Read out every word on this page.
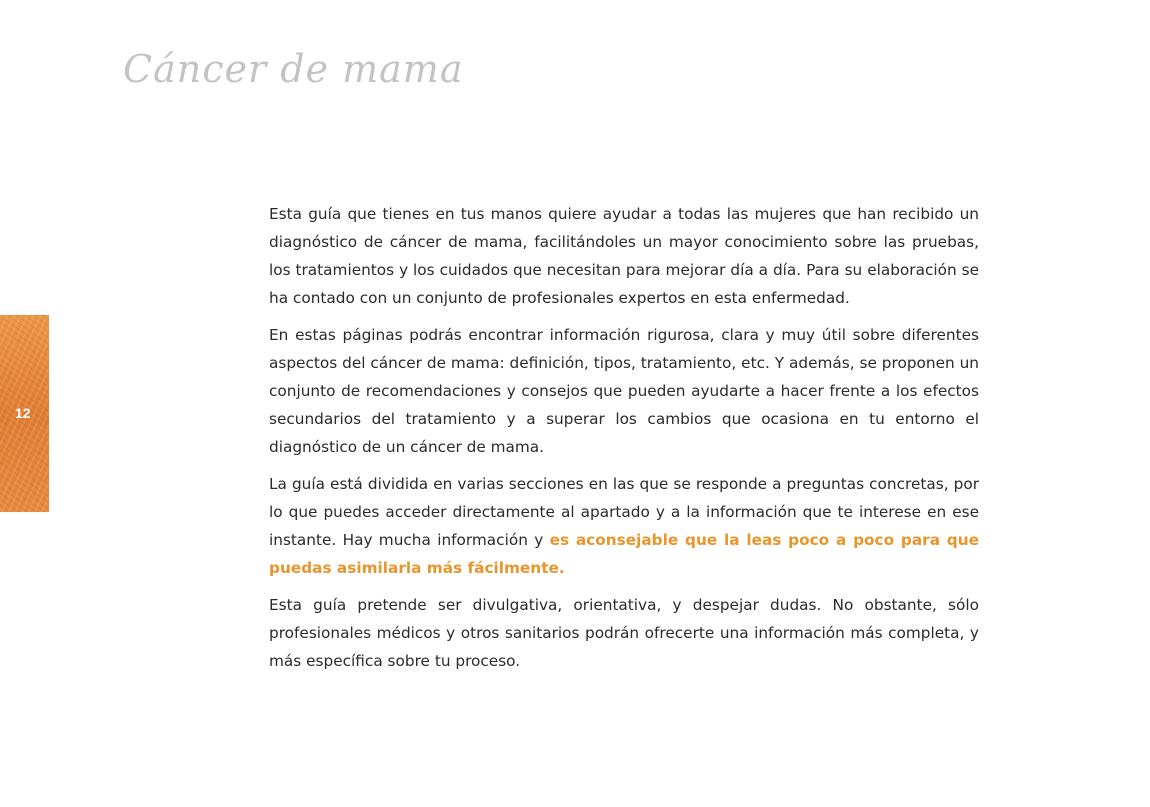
Cáncer de mama
12

Esta guía que tienes en tus manos quiere ayudar a todas las mujeres que han recibido un diagnóstico de cáncer de mama, facilitándoles un mayor conocimiento sobre las pruebas, los tratamientos y los cuidados que necesitan para mejorar día a día. Para su elaboración se ha contado con un conjunto de profesionales expertos en esta enfermedad.

En estas páginas podrás encontrar información rigurosa, clara y muy útil sobre diferentes aspectos del cáncer de mama: definición, tipos, tratamiento, etc. Y además, se proponen un conjunto de recomendaciones y consejos que pueden ayudarte a hacer frente a los efectos secundarios del tratamiento y a superar los cambios que ocasiona en tu entorno el diagnóstico de un cáncer de mama.

La guía está dividida en varias secciones en las que se responde a preguntas concretas, por lo que puedes acceder directamente al apartado y a la información que te interese en ese instante. Hay mucha información y es aconsejable que la leas poco a poco para que puedas asimilarla más fácilmente.

Esta guía pretende ser divulgativa, orientativa, y despejar dudas. No obstante, sólo profesionales médicos y otros sanitarios podrán ofrecerte una información más completa, y más específica sobre tu proceso.
